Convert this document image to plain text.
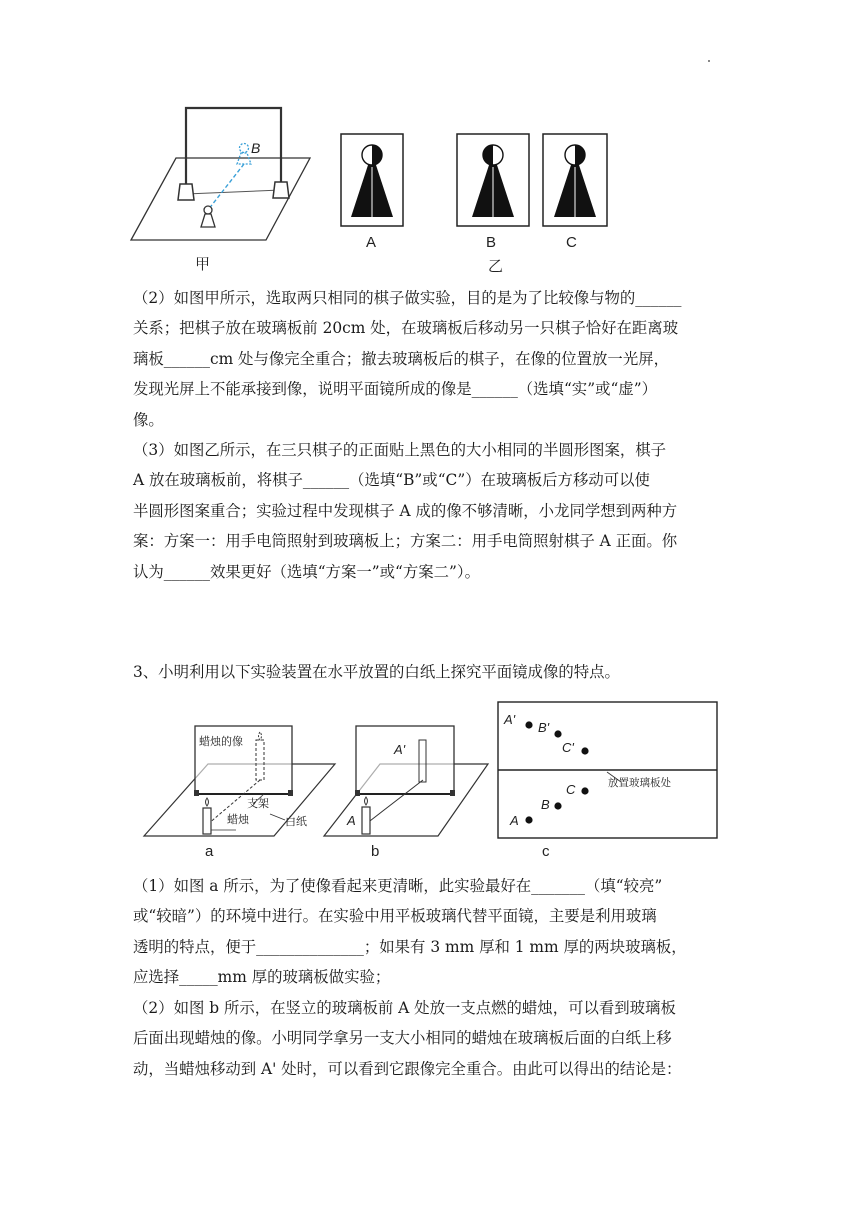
B
甲
A	B	C
乙

（2）如图甲所示，选取两只相同的棋子做实验，目的是为了比较像与物的______

关系；把棋子放在玻璃板前 20cm 处，在玻璃板后移动另一只棋子恰好在距离玻

璃板______cm 处与像完全重合；撤去玻璃板后的棋子，在像的位置放一光屏，

发现光屏上不能承接到像，说明平面镜所成的像是______（选填“实”或“虚”）

像。

（3）如图乙所示，在三只棋子的正面贴上黑色的大小相同的半圆形图案，棋子

A 放在玻璃板前，将棋子______（选填“B”或“C”）在玻璃板后方移动可以使

半圆形图案重合；实验过程中发现棋子 A 成的像不够清晰，小龙同学想到两种方

案：方案一：用手电筒照射到玻璃板上；方案二：用手电筒照射棋子 A 正面。你

认为______效果更好（选填“方案一”或“方案二”）。

3、小明利用以下实验装置在水平放置的白纸上探究平面镜成像的特点。
蜡烛的像
支架
蜡烛	白纸
a
A'
A
b
A'
B'
C'
A
B
C	放置玻璃板处
c

（1）如图 a 所示，为了使像看起来更清晰，此实验最好在_______（填“较亮”

或“较暗”）的环境中进行。在实验中用平板玻璃代替平面镜，主要是利用玻璃

透明的特点，便于______________；如果有 3 mm 厚和 1 mm 厚的两块玻璃板，

应选择_____mm 厚的玻璃板做实验；

（2）如图 b 所示，在竖立的玻璃板前 A 处放一支点燃的蜡烛，可以看到玻璃板

后面出现蜡烛的像。小明同学拿另一支大小相同的蜡烛在玻璃板后面的白纸上移

动，当蜡烛移动到 A' 处时，可以看到它跟像完全重合。由此可以得出的结论是：
